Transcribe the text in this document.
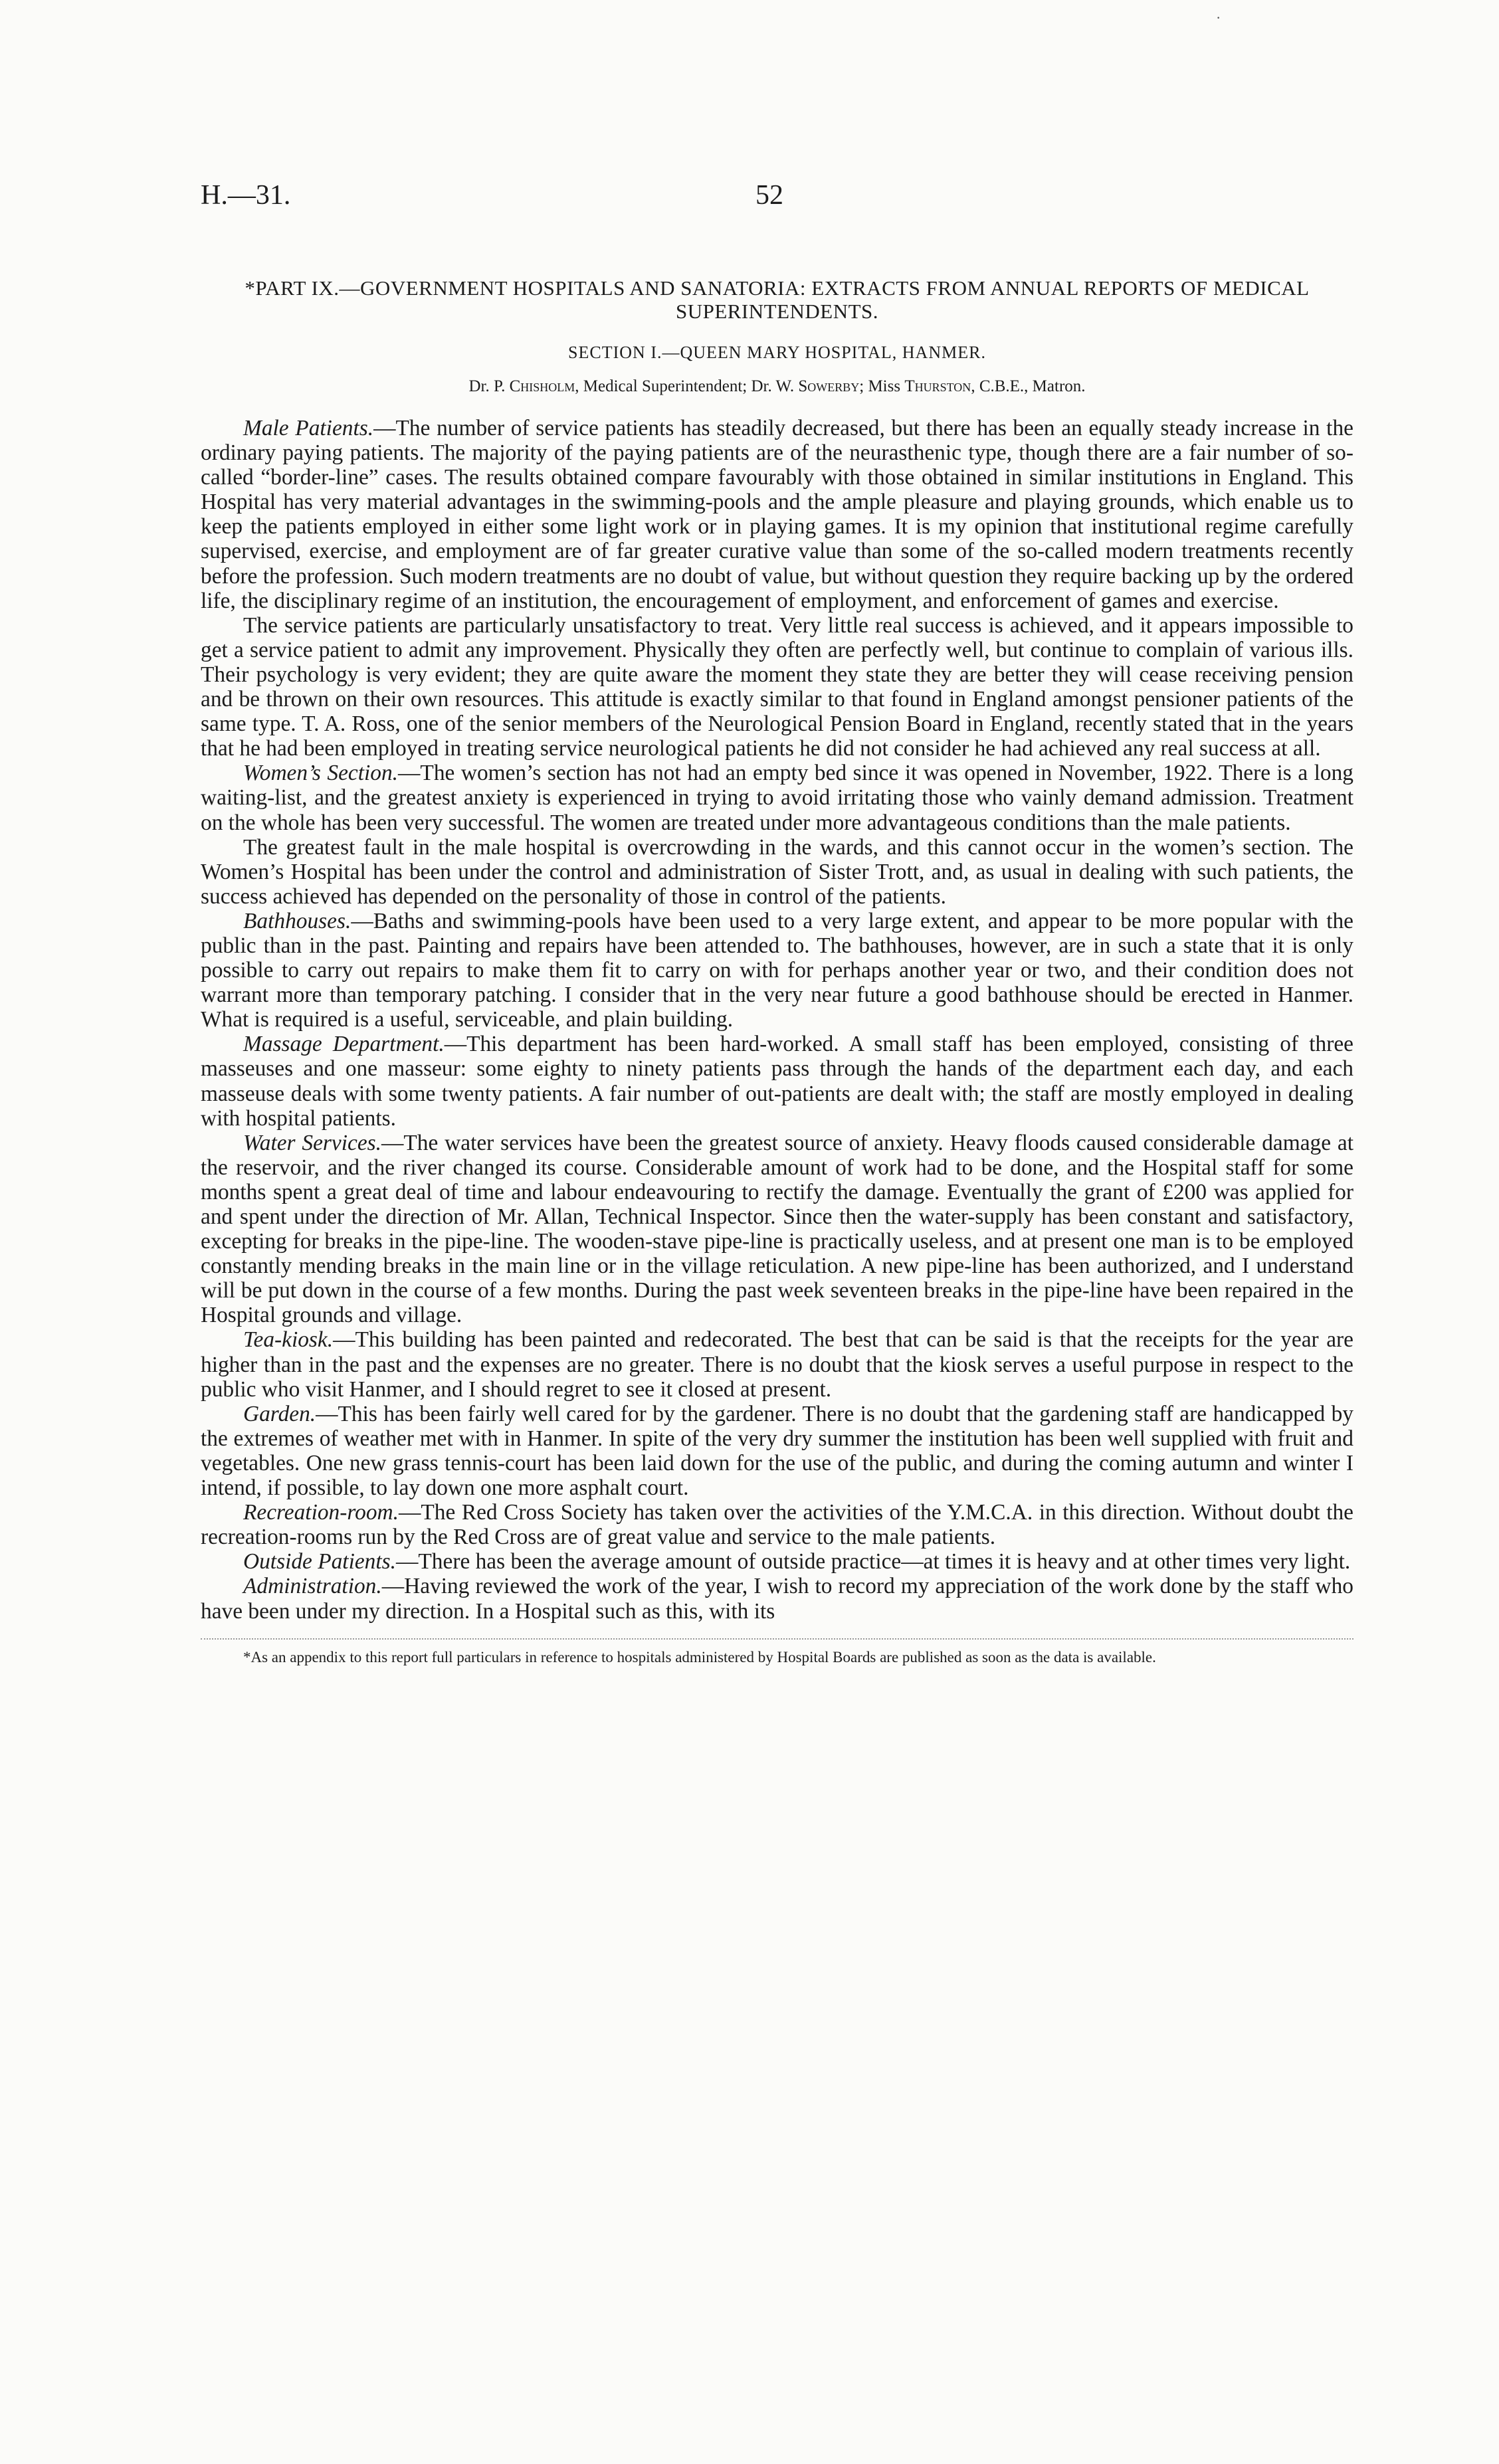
·
H.—31.	52
*PART IX.—GOVERNMENT HOSPITALS AND SANATORIA: EXTRACTS FROM ANNUAL REPORTS OF MEDICAL SUPERINTENDENTS.
SECTION I.—QUEEN MARY HOSPITAL, HANMER.
Dr. P. Chisholm, Medical Superintendent; Dr. W. Sowerby; Miss Thurston, C.B.E., Matron.

Male Patients.—The number of service patients has steadily decreased, but there has been an equally steady increase in the ordinary paying patients. The majority of the paying patients are of the neurasthenic type, though there are a fair number of so-called “border-line” cases. The results obtained compare favourably with those obtained in similar institutions in England. This Hospital has very material advantages in the swimming-pools and the ample pleasure and playing grounds, which enable us to keep the patients employed in either some light work or in playing games. It is my opinion that institutional regime carefully supervised, exercise, and employment are of far greater curative value than some of the so-called modern treatments recently before the profession. Such modern treatments are no doubt of value, but without question they require backing up by the ordered life, the disciplinary regime of an institution, the encouragement of employment, and enforcement of games and exercise.

The service patients are particularly unsatisfactory to treat. Very little real success is achieved, and it appears impossible to get a service patient to admit any improvement. Physically they often are perfectly well, but continue to complain of various ills. Their psychology is very evident; they are quite aware the moment they state they are better they will cease receiving pension and be thrown on their own resources. This attitude is exactly similar to that found in England amongst pensioner patients of the same type. T. A. Ross, one of the senior members of the Neurological Pension Board in England, recently stated that in the years that he had been employed in treating service neurological patients he did not consider he had achieved any real success at all.

Women’s Section.—The women’s section has not had an empty bed since it was opened in November, 1922. There is a long waiting-list, and the greatest anxiety is experienced in trying to avoid irritating those who vainly demand admission. Treatment on the whole has been very successful. The women are treated under more advantageous conditions than the male patients.

The greatest fault in the male hospital is overcrowding in the wards, and this cannot occur in the women’s section. The Women’s Hospital has been under the control and administration of Sister Trott, and, as usual in dealing with such patients, the success achieved has depended on the personality of those in control of the patients.

Bathhouses.—Baths and swimming-pools have been used to a very large extent, and appear to be more popular with the public than in the past. Painting and repairs have been attended to. The bathhouses, however, are in such a state that it is only possible to carry out repairs to make them fit to carry on with for perhaps another year or two, and their condition does not warrant more than temporary patching. I consider that in the very near future a good bathhouse should be erected in Hanmer. What is required is a useful, serviceable, and plain building.

Massage Department.—This department has been hard-worked. A small staff has been employed, consisting of three masseuses and one masseur: some eighty to ninety patients pass through the hands of the department each day, and each masseuse deals with some twenty patients. A fair number of out-patients are dealt with; the staff are mostly employed in dealing with hospital patients.

Water Services.—The water services have been the greatest source of anxiety. Heavy floods caused considerable damage at the reservoir, and the river changed its course. Considerable amount of work had to be done, and the Hospital staff for some months spent a great deal of time and labour endeavouring to rectify the damage. Eventually the grant of £200 was applied for and spent under the direction of Mr. Allan, Technical Inspector. Since then the water-supply has been constant and satisfactory, excepting for breaks in the pipe-line. The wooden-stave pipe-line is practically useless, and at present one man is to be employed constantly mending breaks in the main line or in the village reticulation. A new pipe-line has been authorized, and I understand will be put down in the course of a few months. During the past week seventeen breaks in the pipe-line have been repaired in the Hospital grounds and village.

Tea-kiosk.—This building has been painted and redecorated. The best that can be said is that the receipts for the year are higher than in the past and the expenses are no greater. There is no doubt that the kiosk serves a useful purpose in respect to the public who visit Hanmer, and I should regret to see it closed at present.

Garden.—This has been fairly well cared for by the gardener. There is no doubt that the gardening staff are handicapped by the extremes of weather met with in Hanmer. In spite of the very dry summer the institution has been well supplied with fruit and vegetables. One new grass tennis-court has been laid down for the use of the public, and during the coming autumn and winter I intend, if possible, to lay down one more asphalt court.

Recreation-room.—The Red Cross Society has taken over the activities of the Y.M.C.A. in this direction. Without doubt the recreation-rooms run by the Red Cross are of great value and service to the male patients.

Outside Patients.—There has been the average amount of outside practice—at times it is heavy and at other times very light.

Administration.—Having reviewed the work of the year, I wish to record my appreciation of the work done by the staff who have been under my direction. In a Hospital such as this, with its

*As an appendix to this report full particulars in reference to hospitals administered by Hospital Boards are published as soon as the data is available.
